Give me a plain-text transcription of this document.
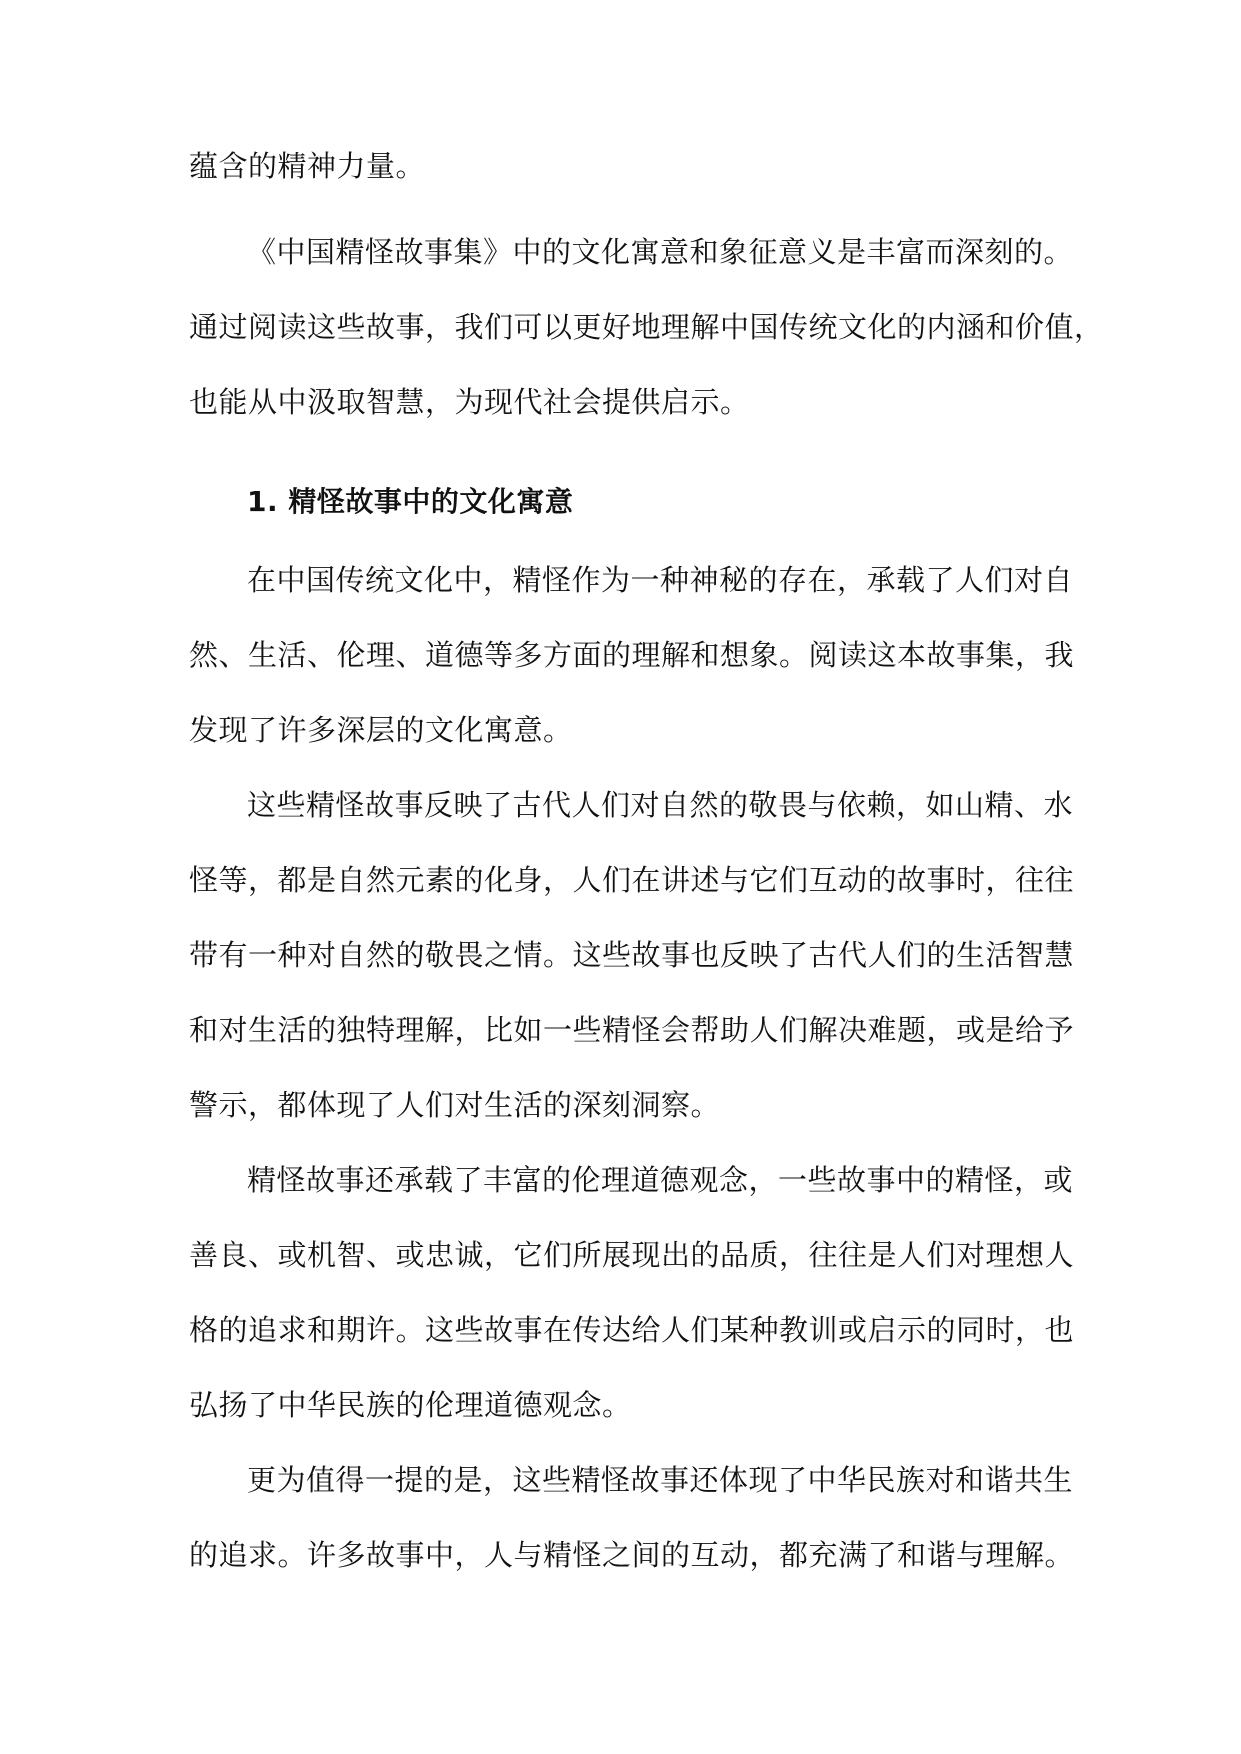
蕴含的精神力量。
《中国精怪故事集》中的文化寓意和象征意义是丰富而深刻的。
通过阅读这些故事，我们可以更好地理解中国传统文化的内涵和价值，
也能从中汲取智慧，为现代社会提供启示。
1. 精怪故事中的文化寓意
在中国传统文化中，精怪作为一种神秘的存在，承载了人们对自
然、生活、伦理、道德等多方面的理解和想象。阅读这本故事集，我
发现了许多深层的文化寓意。
这些精怪故事反映了古代人们对自然的敬畏与依赖，如山精、水
怪等，都是自然元素的化身，人们在讲述与它们互动的故事时，往往
带有一种对自然的敬畏之情。这些故事也反映了古代人们的生活智慧
和对生活的独特理解，比如一些精怪会帮助人们解决难题，或是给予
警示，都体现了人们对生活的深刻洞察。
精怪故事还承载了丰富的伦理道德观念，一些故事中的精怪，或
善良、或机智、或忠诚，它们所展现出的品质，往往是人们对理想人
格的追求和期许。这些故事在传达给人们某种教训或启示的同时，也
弘扬了中华民族的伦理道德观念。
更为值得一提的是，这些精怪故事还体现了中华民族对和谐共生
的追求。许多故事中，人与精怪之间的互动，都充满了和谐与理解。
